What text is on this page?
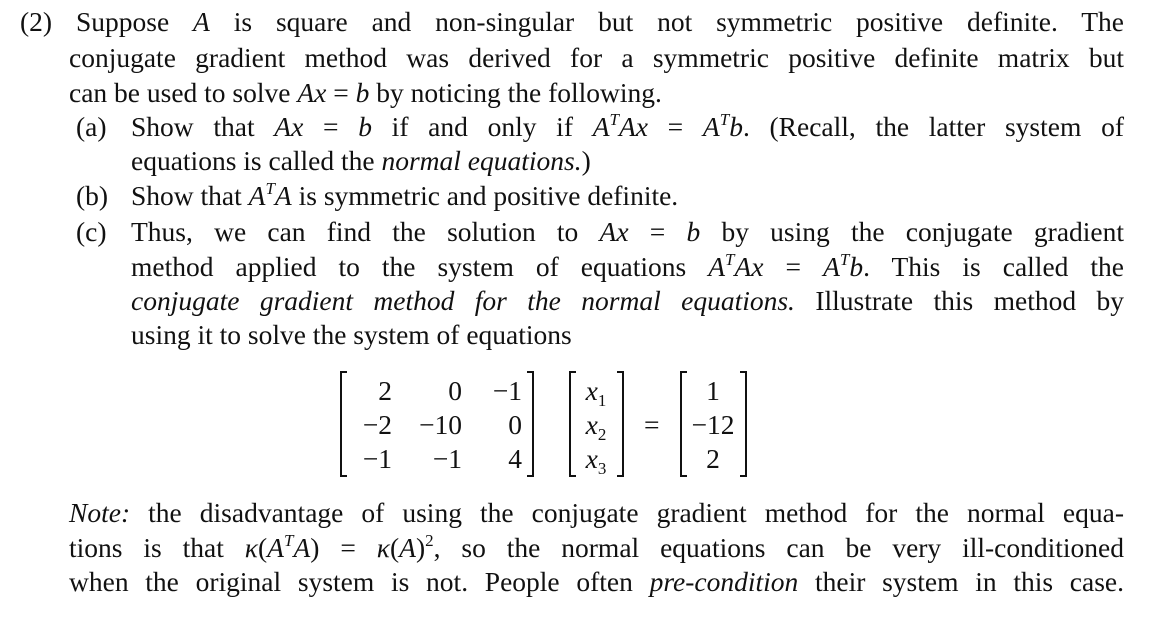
(2) Suppose A is square and non-singular but not symmetric positive definite. The
conjugate gradient method was derived for a symmetric positive definite matrix but
can be used to solve Ax = b by noticing the following.
(a) Show that Ax = b if and only if $A^TAx = A^Tb$. (Recall, the latter system of
equations is called the normal equations.)
(b) Show that $A^TA$ is symmetric and positive definite.
(c) Thus, we can find the solution to Ax = b by using the conjugate gradient
method applied to the system of equations $A^TAx = A^Tb$. This is called the
conjugate gradient method for the normal equations. Illustrate this method by
using it to solve the system of equations
2	0	−1
−2 −10	0
−1	−1	4
$x_1$
$x_2$
$x_3$
=
1
−12
2
Note: the disadvantage of using the conjugate gradient method for the normal equa-
tions is that $\kappa(A^TA) = \kappa(A)^2$, so the normal equations can be very ill-conditioned
when the original system is not. People often pre-condition their system in this case.
